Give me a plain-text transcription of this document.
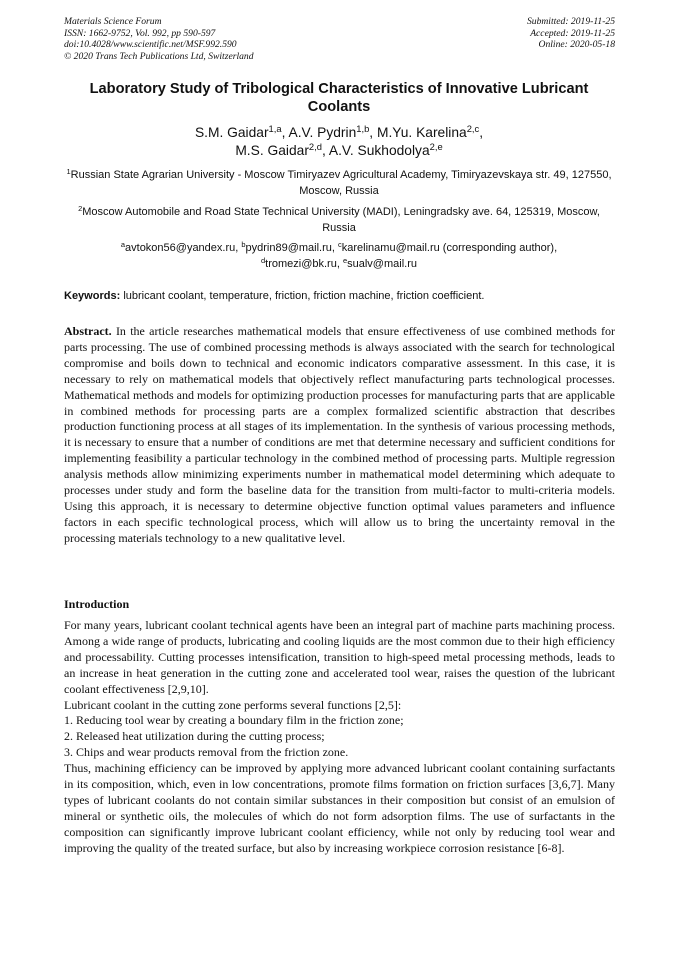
Materials Science Forum
ISSN: 1662-9752, Vol. 992, pp 590-597
doi:10.4028/www.scientific.net/MSF.992.590
© 2020 Trans Tech Publications Ltd, Switzerland
Submitted: 2019-11-25
Accepted: 2019-11-25
Online: 2020-05-18
Laboratory Study of Tribological Characteristics of Innovative Lubricant Coolants
S.M. Gaidar$^{1,a}$, A.V. Pydrin$^{1,b}$, M.Yu. Karelina$^{2,c}$,
M.S. Gaidar$^{2,d}$, A.V. Sukhodolya$^{2,e}$
$^1$Russian State Agrarian University - Moscow Timiryazev Agricultural Academy, Timiryazevskaya str. 49, 127550, Moscow, Russia
$^2$Moscow Automobile and Road State Technical University (MADI), Leningradsky ave. 64, 125319, Moscow, Russia
$^a$avtokon56@yandex.ru, $^b$pydrin89@mail.ru, $^c$karelinamu@mail.ru (corresponding author),
$^d$tromezi@bk.ru, $^e$sualv@mail.ru
Keywords: lubricant coolant, temperature, friction, friction machine, friction coefficient.
Abstract. In the article researches mathematical models that ensure effectiveness of use combined methods for parts processing. The use of combined processing methods is always associated with the search for technological compromise and boils down to technical and economic indicators comparative assessment. In this case, it is necessary to rely on mathematical models that objectively reflect manufacturing parts technological processes. Mathematical methods and models for optimizing production processes for manufacturing parts that are applicable in combined methods for processing parts are a complex formalized scientific abstraction that describes production functioning process at all stages of its implementation. In the synthesis of various processing methods, it is necessary to ensure that a number of conditions are met that determine necessary and sufficient conditions for implementing feasibility a particular technology in the combined method of processing parts. Multiple regression analysis methods allow minimizing experiments number in mathematical model determining which adequate to processes under study and form the baseline data for the transition from multi-factor to multi-criteria models. Using this approach, it is necessary to determine objective function optimal values parameters and influence factors in each specific technological process, which will allow us to bring the uncertainty removal in the processing materials technology to a new qualitative level.
Introduction
For many years, lubricant coolant technical agents have been an integral part of machine parts machining process. Among a wide range of products, lubricating and cooling liquids are the most common due to their high efficiency and processability. Cutting processes intensification, transition to high-speed metal processing methods, leads to an increase in heat generation in the cutting zone and accelerated tool wear, raises the question of the lubricant coolant effectiveness [2,9,10].
Lubricant coolant in the cutting zone performs several functions [2,5]:
1. Reducing tool wear by creating a boundary film in the friction zone;
2. Released heat utilization during the cutting process;
3. Chips and wear products removal from the friction zone.
Thus, machining efficiency can be improved by applying more advanced lubricant coolant containing surfactants in its composition, which, even in low concentrations, promote films formation on friction surfaces [3,6,7]. Many types of lubricant coolants do not contain similar substances in their composition but consist of an emulsion of mineral or synthetic oils, the molecules of which do not form adsorption films. The use of surfactants in the composition can significantly improve lubricant coolant efficiency, while not only by reducing tool wear and improving the quality of the treated surface, but also by increasing workpiece corrosion resistance [6-8].
